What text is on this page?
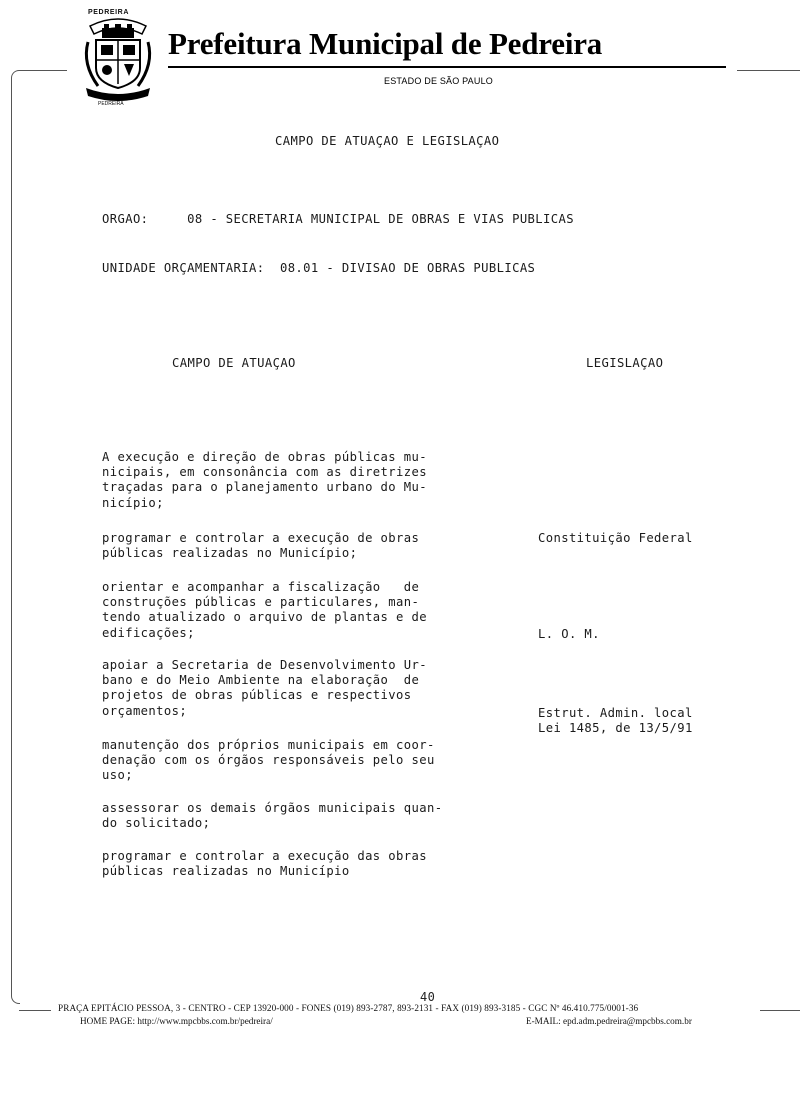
PEDREIRA
PEDREIRA
Prefeitura Municipal de Pedreira
ESTADO DE SÃO PAULO
CAMPO DE ATUAÇAO E LEGISLAÇAO
ORGAO:     08 - SECRETARIA MUNICIPAL DE OBRAS E VIAS PUBLICAS
UNIDADE ORÇAMENTARIA:  08.01 - DIVISAO DE OBRAS PUBLICAS
CAMPO DE ATUAÇAO	LEGISLAÇAO
A execução e direção de obras públicas mu-
nicipais, em consonância com as diretrizes
traçadas para o planejamento urbano do Mu-
nicípio;
programar e controlar a execução de obras
públicas realizadas no Município;
orientar e acompanhar a fiscalização   de
construções públicas e particulares, man-
tendo atualizado o arquivo de plantas e de
edificações;
apoiar a Secretaria de Desenvolvimento Ur-
bano e do Meio Ambiente na elaboração  de
projetos de obras públicas e respectivos
orçamentos;
manutenção dos próprios municipais em coor-
denação com os órgãos responsáveis pelo seu
uso;
assessorar os demais órgãos municipais quan-
do solicitado;
programar e controlar a execução das obras
públicas realizadas no Município
Constituição Federal
L. O. M.
Estrut. Admin. local
Lei 1485, de 13/5/91
40
PRAÇA EPITÁCIO PESSOA, 3 - CENTRO - CEP 13920-000 - FONES (019) 893-2787, 893-2131 - FAX (019) 893-3185 - CGC Nº 46.410.775/0001-36
HOME PAGE: http://www.mpcbbs.com.br/pedreira/	E-MAIL: epd.adm.pedreira@mpcbbs.com.br
